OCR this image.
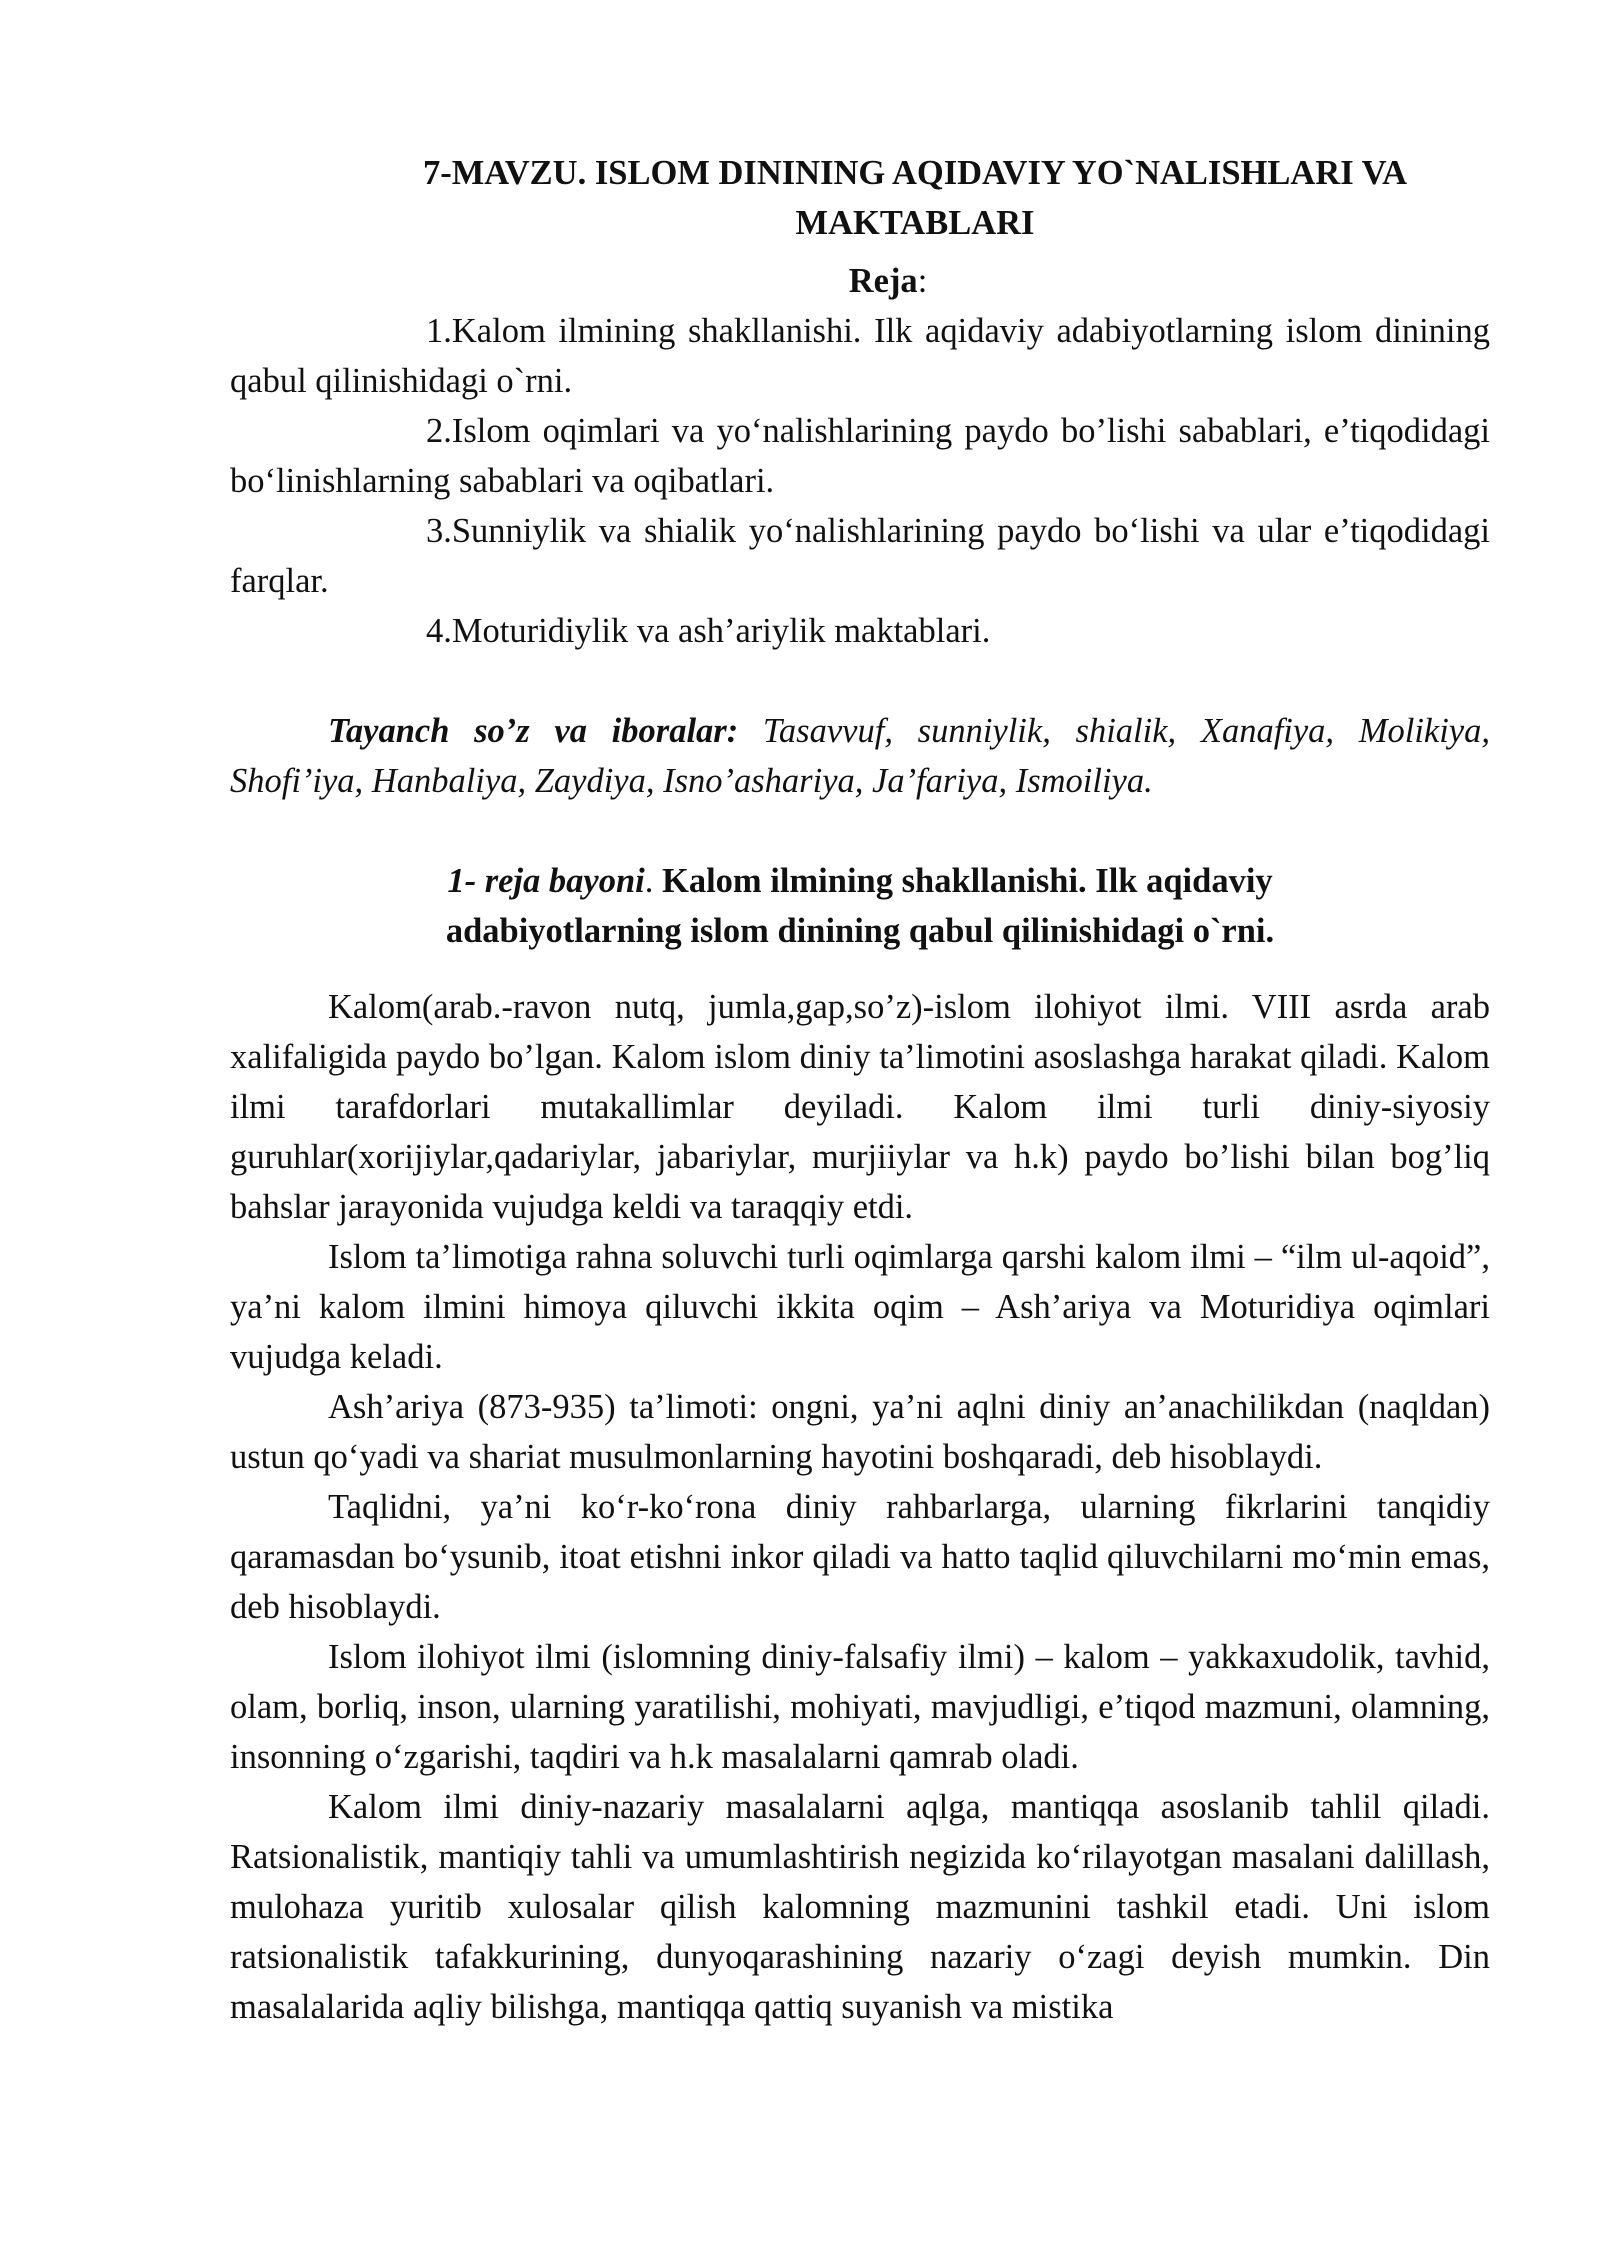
7-MAVZU. ISLOM DININING AQIDAVIY YO`NALISHLARI VA
MAKTABLARI

Reja:

1.Kalom ilmining shakllanishi. Ilk aqidaviy adabiyotlarning islom dinining qabul qilinishidagi o`rni.

2.Islom oqimlari va yo‘nalishlarining paydo bo’lishi sabablari, e’tiqodidagi bo‘linishlarning sabablari va oqibatlari.

3.Sunniylik va shialik yo‘nalishlarining paydo bo‘lishi va ular e’tiqodidagi farqlar.

4.Moturidiylik va ash’ariylik maktablari.

Tayanch so’z va iboralar: Tasavvuf, sunniylik, shialik, Xanafiya, Molikiya, Shofi’iya, Hanbaliya, Zaydiya, Isno’ashariya, Ja’fariya, Ismoiliya.

1- reja bayoni. Kalom ilmining shakllanishi. Ilk aqidaviy
adabiyotlarning islom dinining qabul qilinishidagi o`rni.

Kalom(arab.-ravon nutq, jumla,gap,so’z)-islom ilohiyot ilmi. VIII asrda arab xalifaligida paydo bo’lgan. Kalom islom diniy ta’limotini asoslashga harakat qiladi. Kalom ilmi tarafdorlari mutakallimlar deyiladi. Kalom ilmi turli diniy-siyosiy guruhlar(xorijiylar,qadariylar, jabariylar, murjiiylar va h.k) paydo bo’lishi bilan bog’liq bahslar jarayonida vujudga keldi va taraqqiy etdi.

Islom ta’limotiga rahna soluvchi turli oqimlarga qarshi kalom ilmi – “ilm ul-aqoid”, ya’ni kalom ilmini himoya qiluvchi ikkita oqim – Ash’ariya va Moturidiya oqimlari vujudga keladi.

Ash’ariya (873-935) ta’limoti: ongni, ya’ni aqlni diniy an’anachilikdan (naqldan) ustun qo‘yadi va shariat musulmonlarning hayotini boshqaradi, deb hisoblaydi.

Taqlidni, ya’ni ko‘r-ko‘rona diniy rahbarlarga, ularning fikrlarini tanqidiy qaramasdan bo‘ysunib, itoat etishni inkor qiladi va hatto taqlid qiluvchilarni mo‘min emas, deb hisoblaydi.

Islom ilohiyot ilmi (islomning diniy-falsafiy ilmi) – kalom – yakkaxudolik, tavhid, olam, borliq, inson, ularning yaratilishi, mohiyati, mavjudligi, e’tiqod mazmuni, olamning, insonning o‘zgarishi, taqdiri va h.k masalalarni qamrab oladi.

Kalom ilmi diniy-nazariy masalalarni aqlga, mantiqqa asoslanib tahlil qiladi. Ratsionalistik, mantiqiy tahli va umumlashtirish negizida ko‘rilayotgan masalani dalillash, mulohaza yuritib xulosalar qilish kalomning mazmunini tashkil etadi. Uni islom ratsionalistik tafakkurining, dunyoqarashining nazariy o‘zagi deyish mumkin. Din masalalarida aqliy bilishga, mantiqqa qattiq suyanish va mistika
